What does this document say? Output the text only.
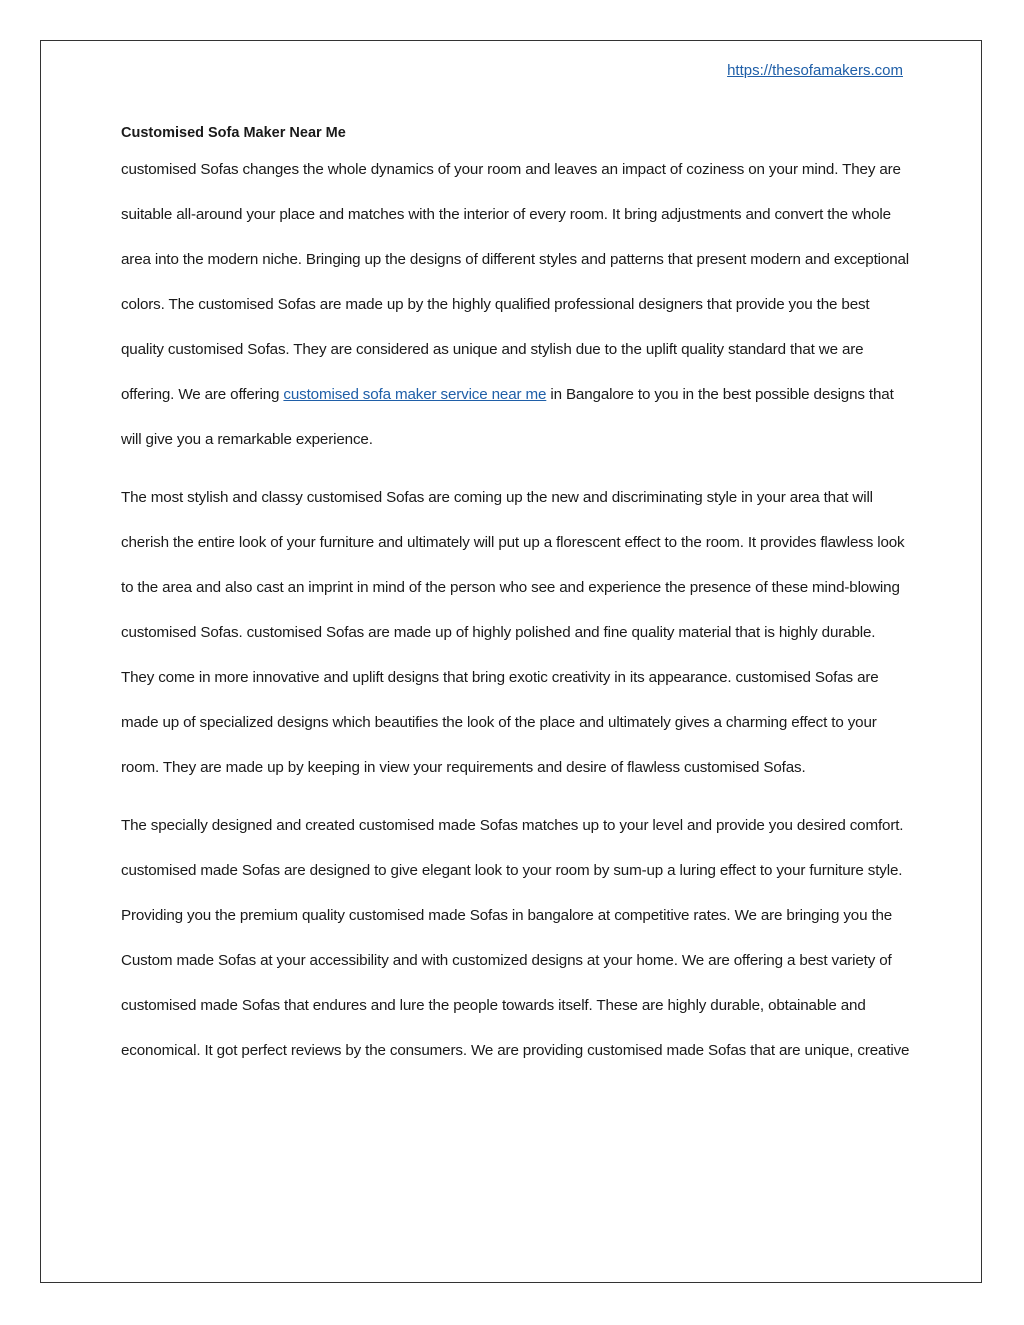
https://thesofamakers.com
Customised Sofa Maker Near Me

customised Sofas changes the whole dynamics of your room and leaves an impact of coziness on your mind. They are suitable all-around your place and matches with the interior of every room. It bring adjustments and convert the whole area into the modern niche. Bringing up the designs of different styles and patterns that present modern and exceptional colors. The customised Sofas are made up by the highly qualified professional designers that provide you the best quality customised Sofas. They are considered as unique and stylish due to the uplift quality standard that we are offering. We are offering customised sofa maker service near me in Bangalore to you in the best possible designs that will give you a remarkable experience.

The most stylish and classy customised Sofas are coming up the new and discriminating style in your area that will cherish the entire look of your furniture and ultimately will put up a florescent effect to the room. It provides flawless look to the area and also cast an imprint in mind of the person who see and experience the presence of these mind-blowing customised Sofas. customised Sofas are made up of highly polished and fine quality material that is highly durable. They come in more innovative and uplift designs that bring exotic creativity in its appearance. customised Sofas are made up of specialized designs which beautifies the look of the place and ultimately gives a charming effect to your room. They are made up by keeping in view your requirements and desire of flawless customised Sofas.

The specially designed and created customised made Sofas matches up to your level and provide you desired comfort. customised made Sofas are designed to give elegant look to your room by sum-up a luring effect to your furniture style. Providing you the premium quality customised made Sofas in bangalore at competitive rates. We are bringing you the Custom made Sofas at your accessibility and with customized designs at your home. We are offering a best variety of customised made Sofas that endures and lure the people towards itself. These are highly durable, obtainable and economical. It got perfect reviews by the consumers. We are providing customised made Sofas that are unique, creative
